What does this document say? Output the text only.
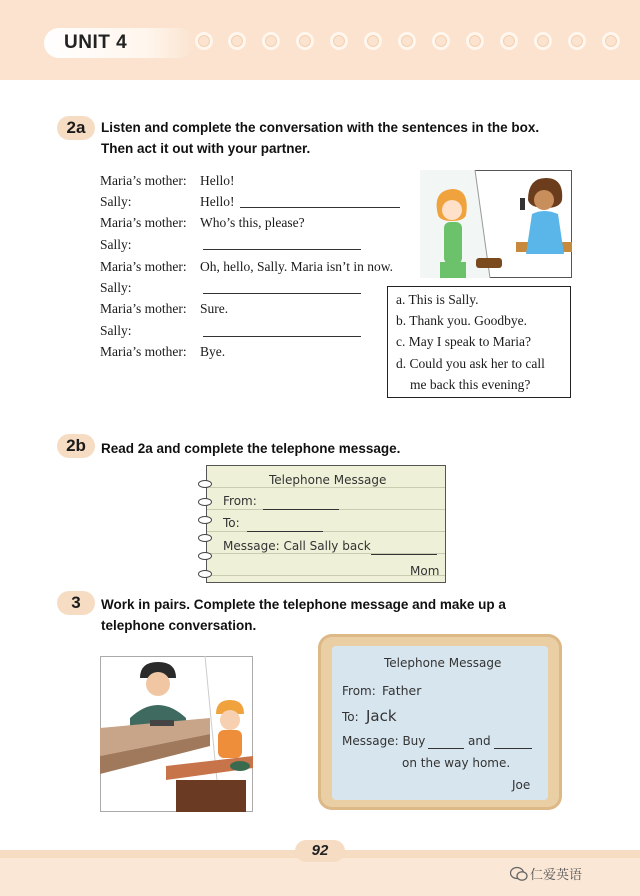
UNIT 4
2a	Listen and complete the conversation with the sentences in the box.
Then act it out with your partner.
Maria’s mother: Hello!
Sally:	Hello!
Maria’s mother: Who’s this, please?
Sally:
Maria’s mother: Oh, hello, Sally. Maria isn’t in now.
Sally:
Maria’s mother: Sure.
Sally:
Maria’s mother: Bye.
a. This is Sally.
b. Thank you. Goodbye.
c. May I speak to Maria?
d. Could you ask her to call
me back this evening?
2b	Read 2a and complete the telephone message.
Telephone Message
From:
To:
Message: Call Sally back
Mom
3	Work in pairs. Complete the telephone message and make up a
telephone conversation.
Telephone Message
From: Father
To: Jack
Message: Buy	and
on the way home.
Joe
92
仁爱英语
